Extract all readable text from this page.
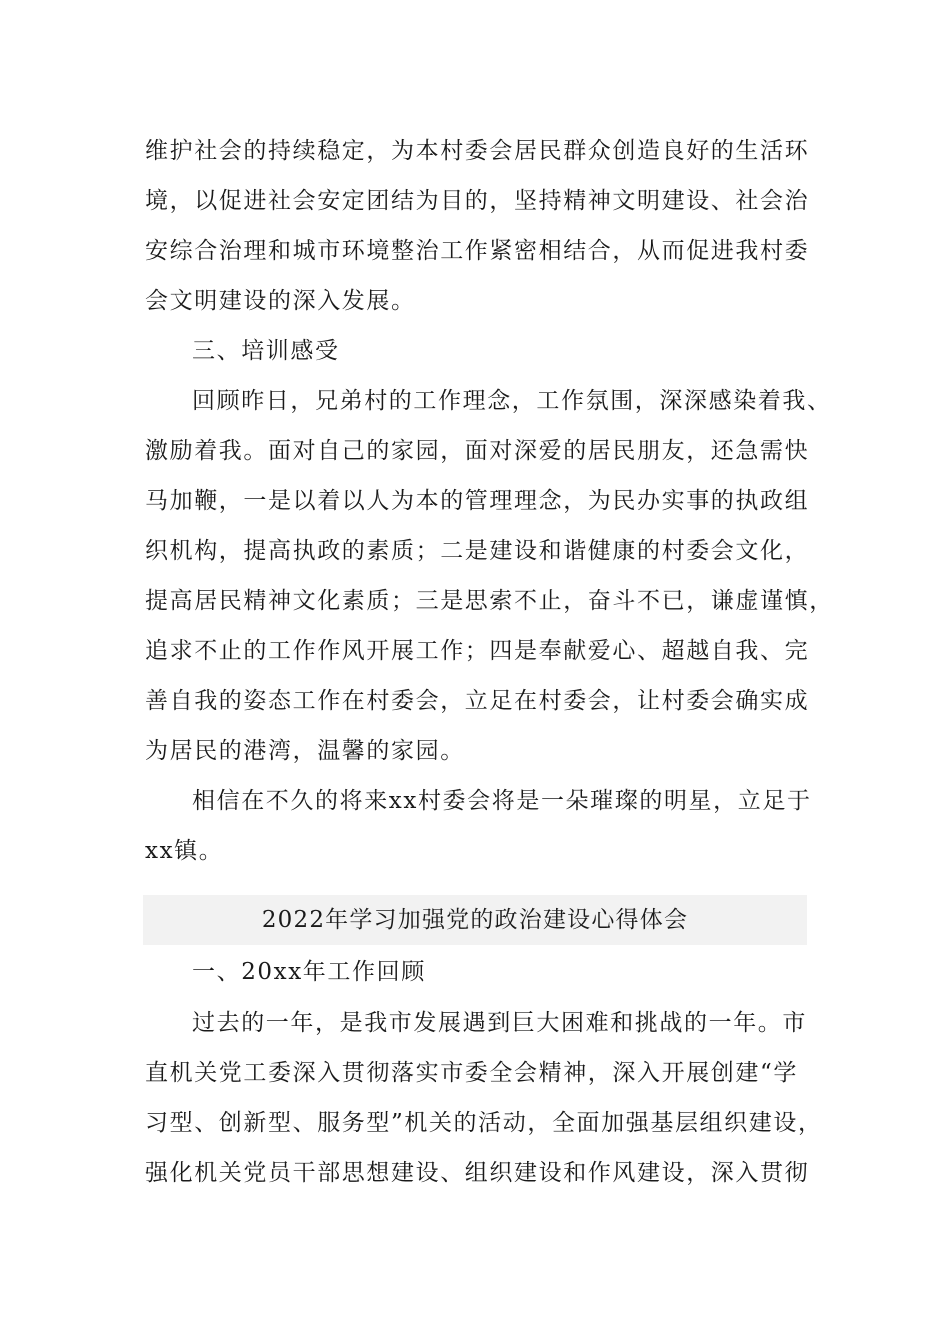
维护社会的持续稳定，为本村委会居民群众创造良好的生活环
境，以促进社会安定团结为目的，坚持精神文明建设、社会治
安综合治理和城市环境整治工作紧密相结合，从而促进我村委
会文明建设的深入发展。
三、培训感受
回顾昨日，兄弟村的工作理念，工作氛围，深深感染着我、
激励着我。面对自己的家园，面对深爱的居民朋友，还急需快
马加鞭，一是以着以人为本的管理理念，为民办实事的执政组
织机构，提高执政的素质；二是建设和谐健康的村委会文化，
提高居民精神文化素质；三是思索不止，奋斗不已，谦虚谨慎，
追求不止的工作作风开展工作；四是奉献爱心、超越自我、完
善自我的姿态工作在村委会，立足在村委会，让村委会确实成
为居民的港湾，温馨的家园。
相信在不久的将来xx村委会将是一朵璀璨的明星，立足于
xx镇。
2022年学习加强党的政治建设心得体会
一、20xx年工作回顾
过去的一年，是我市发展遇到巨大困难和挑战的一年。市
直机关党工委深入贯彻落实市委全会精神，深入开展创建“学
习型、创新型、服务型”机关的活动，全面加强基层组织建设，
强化机关党员干部思想建设、组织建设和作风建设，深入贯彻
